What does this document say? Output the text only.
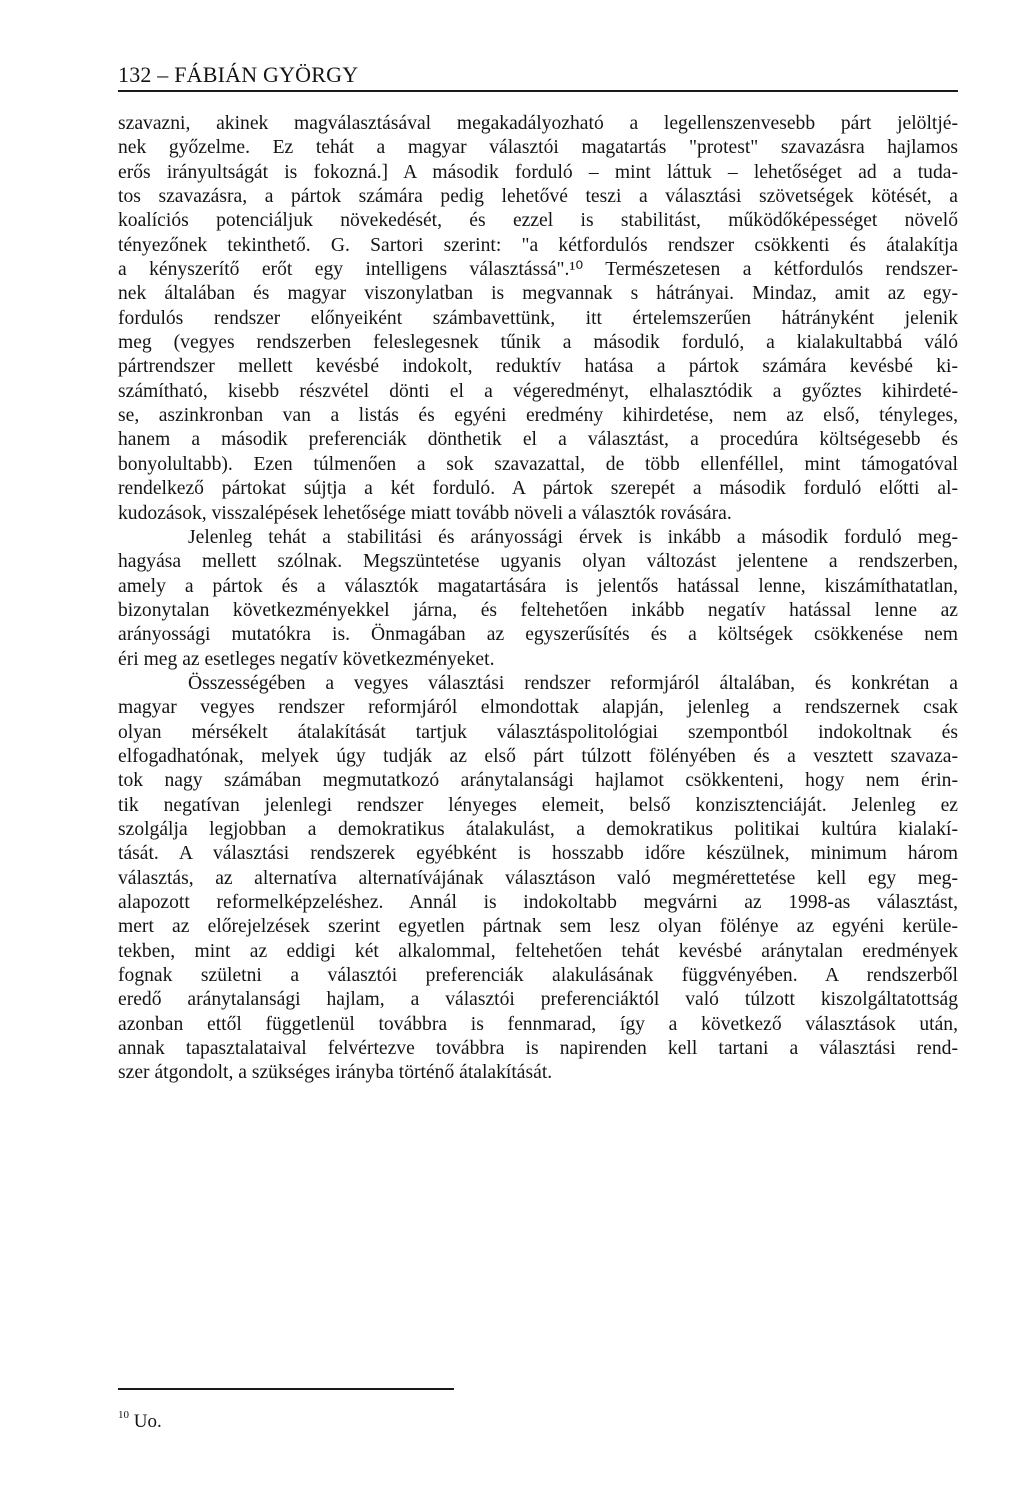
132 – FÁBIÁN GYÖRGY
szavazni, akinek magválasztásával megakadályozható a legellenszenvesebb párt jelöltjé-
nek győzelme. Ez tehát a magyar választói magatartás "protest" szavazásra hajlamos
erős irányultságát is fokozná.] A második forduló – mint láttuk – lehetőséget ad a tuda-
tos szavazásra, a pártok számára pedig lehetővé teszi a választási szövetségek kötését, a
koalíciós potenciáljuk növekedését, és ezzel is stabilitást, működőképességet növelő
tényezőnek tekinthető. G. Sartori szerint: "a kétfordulós rendszer csökkenti és átalakítja
a kényszerítő erőt egy intelligens választássá".¹⁰ Természetesen a kétfordulós rendszer-
nek általában és magyar viszonylatban is megvannak s hátrányai. Mindaz, amit az egy-
fordulós rendszer előnyeiként számbavettünk, itt értelemszerűen hátrányként jelenik
meg (vegyes rendszerben feleslegesnek tűnik a második forduló, a kialakultabbá váló
pártrendszer mellett kevésbé indokolt, reduktív hatása a pártok számára kevésbé ki-
számítható, kisebb részvétel dönti el a végeredményt, elhalasztódik a győztes kihirdeté-
se, aszinkronban van a listás és egyéni eredmény kihirdetése, nem az első, tényleges,
hanem a második preferenciák dönthetik el a választást, a procedúra költségesebb és
bonyolultabb). Ezen túlmenően a sok szavazattal, de több ellenféllel, mint támogatóval
rendelkező pártokat sújtja a két forduló. A pártok szerepét a második forduló előtti al-
kudozások, visszalépések lehetősége miatt tovább növeli a választók rovására.
Jelenleg tehát a stabilitási és arányossági érvek is inkább a második forduló meg-
hagyása mellett szólnak. Megszüntetése ugyanis olyan változást jelentene a rendszerben,
amely a pártok és a választók magatartására is jelentős hatással lenne, kiszámíthatatlan,
bizonytalan következményekkel járna, és feltehetően inkább negatív hatással lenne az
arányossági mutatókra is. Önmagában az egyszerűsítés és a költségek csökkenése nem
éri meg az esetleges negatív következményeket.
Összességében a vegyes választási rendszer reformjáról általában, és konkrétan a
magyar vegyes rendszer reformjáról elmondottak alapján, jelenleg a rendszernek csak
olyan mérsékelt átalakítását tartjuk választáspolitológiai szempontból indokoltnak és
elfogadhatónak, melyek úgy tudják az első párt túlzott fölényében és a vesztett szavaza-
tok nagy számában megmutatkozó aránytalansági hajlamot csökkenteni, hogy nem érin-
tik negatívan jelenlegi rendszer lényeges elemeit, belső konzisztenciáját. Jelenleg ez
szolgálja legjobban a demokratikus átalakulást, a demokratikus politikai kultúra kialakí-
tását. A választási rendszerek egyébként is hosszabb időre készülnek, minimum három
választás, az alternatíva alternatívájának választáson való megmérettetése kell egy meg-
alapozott reformelképzeléshez. Annál is indokoltabb megvárni az 1998-as választást,
mert az előrejelzések szerint egyetlen pártnak sem lesz olyan fölénye az egyéni kerüle-
tekben, mint az eddigi két alkalommal, feltehetően tehát kevésbé aránytalan eredmények
fognak születni a választói preferenciák alakulásának függvényében. A rendszerből
eredő aránytalansági hajlam, a választói preferenciáktól való túlzott kiszolgáltatottság
azonban ettől függetlenül továbbra is fennmarad, így a következő választások után,
annak tapasztalataival felvértezve továbbra is napirenden kell tartani a választási rend-
szer átgondolt, a szükséges irányba történő átalakítását.
$^{10}$ Uo.
